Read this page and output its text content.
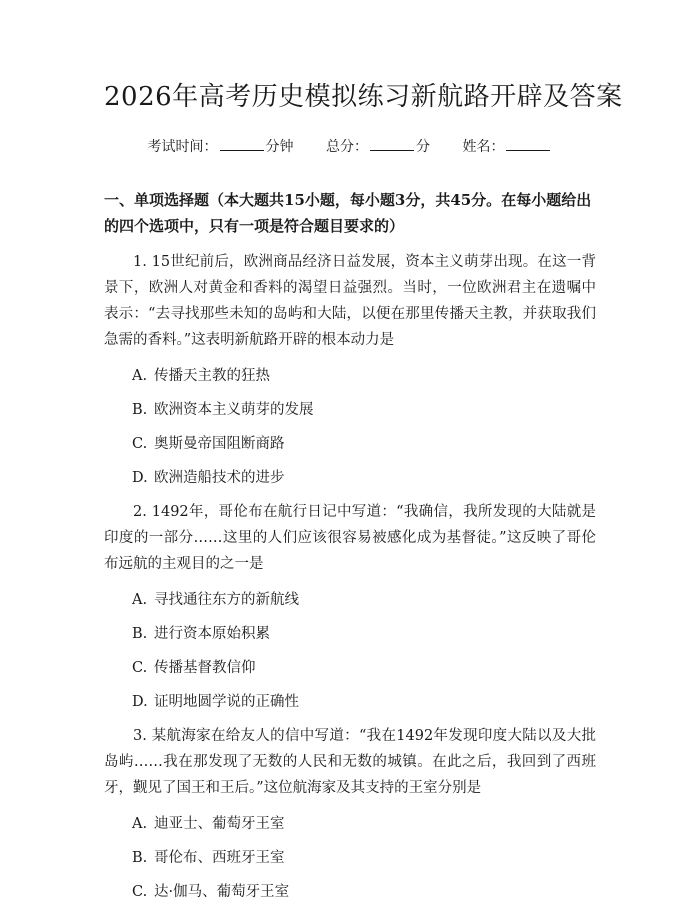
2026年高考历史模拟练习新航路开辟及答案
考试时间：	分钟 总分：	分 姓名：
一、单项选择题（本大题共15小题，每小题3分，共45分。在每小题给出的四个选项中，只有一项是符合题目要求的）
1. 15世纪前后，欧洲商品经济日益发展，资本主义萌芽出现。在这一背景下，欧洲人对黄金和香料的渴望日益强烈。当时，一位欧洲君主在遗嘱中表示：“去寻找那些未知的岛屿和大陆，以便在那里传播天主教，并获取我们急需的香料。”这表明新航路开辟的根本动力是
A. 传播天主教的狂热
B. 欧洲资本主义萌芽的发展
C. 奥斯曼帝国阻断商路
D. 欧洲造船技术的进步
2. 1492年，哥伦布在航行日记中写道：“我确信，我所发现的大陆就是印度的一部分……这里的人们应该很容易被感化成为基督徒。”这反映了哥伦布远航的主观目的之一是
A. 寻找通往东方的新航线
B. 进行资本原始积累
C. 传播基督教信仰
D. 证明地圆学说的正确性
3. 某航海家在给友人的信中写道：“我在1492年发现印度大陆以及大批岛屿……我在那发现了无数的人民和无数的城镇。在此之后，我回到了西班牙，觐见了国王和王后。”这位航海家及其支持的王室分别是
A. 迪亚士、葡萄牙王室
B. 哥伦布、西班牙王室
C. 达·伽马、葡萄牙王室
